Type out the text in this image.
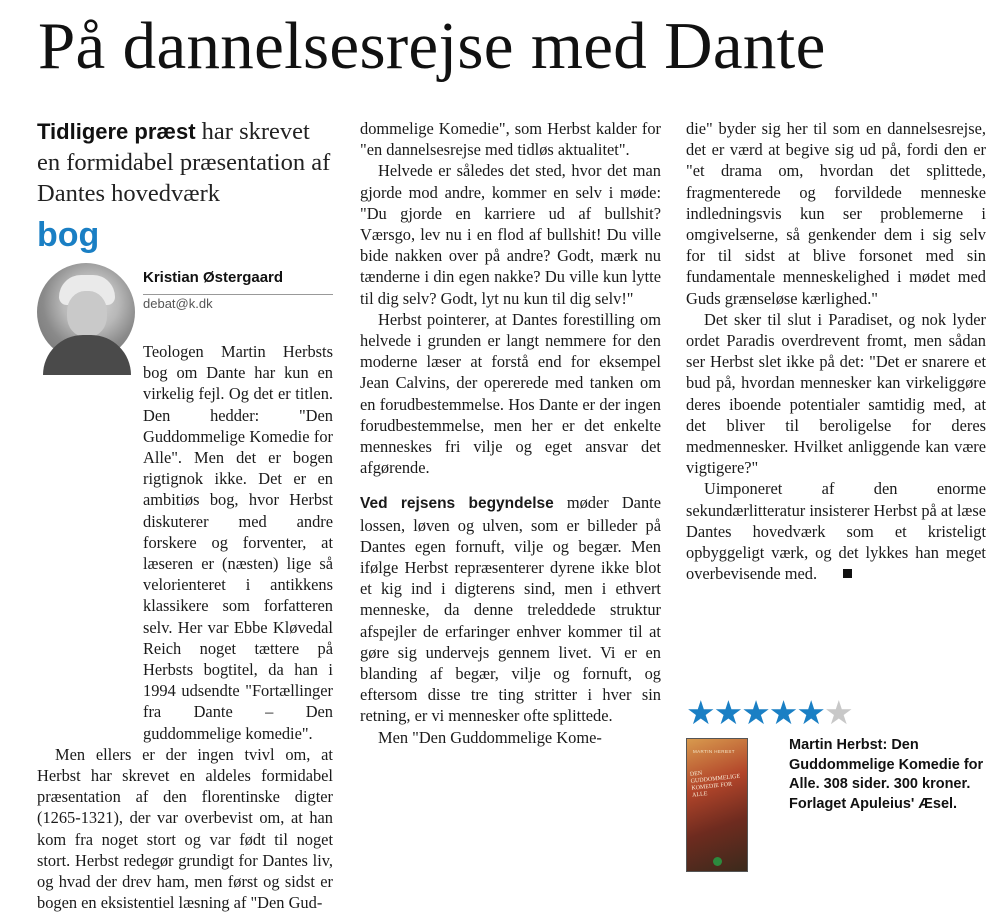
På dannelsesrejse med Dante
Tidligere præst har skrevet en formidabel præsentation af Dantes hovedværk
bog
Kristian Østergaard
debat@k.dk

Teologen Martin Herbsts bog om Dante har kun en virkelig fejl. Og det er titlen. Den hedder: "Den Guddommelige Komedie for Alle". Men det er bogen rigtignok ikke. Det er en ambitiøs bog, hvor Herbst diskuterer med andre forskere og forventer, at læseren er (næsten) lige så velorienteret i antikkens klassikere som forfatteren selv. Her var Ebbe Kløvedal Reich noget tættere på Herbsts bogtitel, da han i 1994 udsendte "Fortællinger fra Dante – Den guddommelige komedie".

Men ellers er der ingen tvivl om, at Herbst har skrevet en aldeles formidabel præsentation af den florentinske digter (1265-1321), der var overbevist om, at han kom fra noget stort og var født til noget stort. Herbst redegør grundigt for Dantes liv, og hvad der drev ham, men først og sidst er bogen en eksistentiel læsning af "Den Gud-

dommelige Komedie", som Herbst kalder for "en dannelsesrejse med tidløs aktualitet".

Helvede er således det sted, hvor det man gjorde mod andre, kommer en selv i møde: "Du gjorde en karriere ud af bullshit? Værsgo, lev nu i en flod af bullshit! Du ville bide nakken over på andre? Godt, mærk nu tænderne i din egen nakke? Du ville kun lytte til dig selv? Godt, lyt nu kun til dig selv!"

Herbst pointerer, at Dantes forestilling om helvede i grunden er langt nemmere for den moderne læser at forstå end for eksempel Jean Calvins, der opererede med tanken om en forudbestemmelse. Hos Dante er der ingen forudbestemmelse, men her er det enkelte menneskes fri vilje og eget ansvar det afgørende.

Ved rejsens begyndelse møder Dante lossen, løven og ulven, som er billeder på Dantes egen fornuft, vilje og begær. Men ifølge Herbst repræsenterer dyrene ikke blot et kig ind i digterens sind, men i ethvert menneske, da denne treleddede struktur afspejler de erfaringer enhver kommer til at gøre sig undervejs gennem livet. Vi er en blanding af begær, vilje og fornuft, og eftersom disse tre ting stritter i hver sin retning, er vi mennesker ofte splittede.

Men "Den Guddommelige Kome-

die" byder sig her til som en dannelsesrejse, det er værd at begive sig ud på, fordi den er "et drama om, hvordan det splittede, fragmenterede og forvildede menneske indledningsvis kun ser problemerne i omgivelserne, så genkender dem i sig selv for til sidst at blive forsonet med sin fundamentale menneskelighed i mødet med Guds grænseløse kærlighed."

Det sker til slut i Paradiset, og nok lyder ordet Paradis overdrevent fromt, men sådan ser Herbst slet ikke på det: "Det er snarere et bud på, hvordan mennesker kan virkeliggøre deres iboende potentialer samtidig med, at det bliver til beroligelse for deres medmennesker. Hvilket anliggende kan være vigtigere?"

Uimponeret af den enorme sekundærlitteratur insisterer Herbst på at læse Dantes hovedværk som et kristeligt opbyggeligt værk, og det lykkes han meget overbevisende med.

★★★★★★
MARTIN HERBST
DEN GUDDOMMELIGE KOMEDIE FOR ALLE
Martin Herbst: Den Guddommelige Komedie for Alle. 308 sider. 300 kroner. Forlaget Apuleius' Æsel.
